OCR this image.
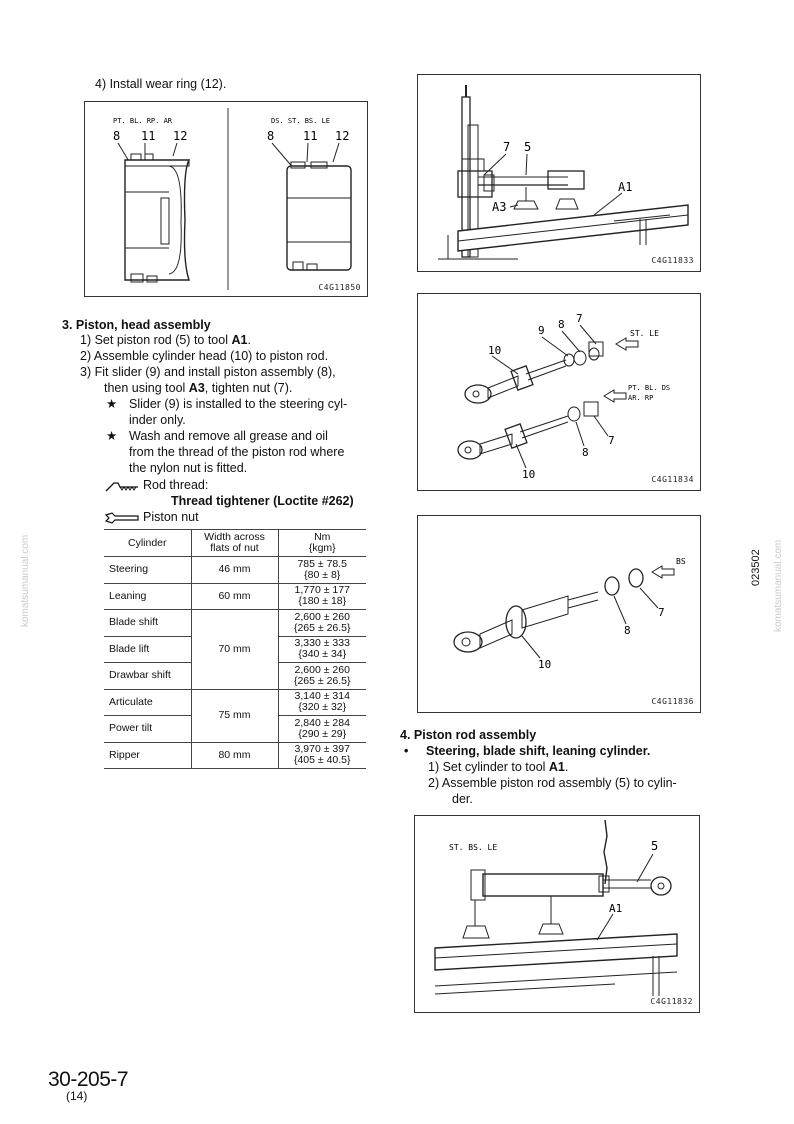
4) Install wear ring (12).
PT. BL. RP. AR
8 11 12
DS. ST. BS. LE
8 11 12
C4G11850
3. Piston, head assembly
1) Set piston rod (5) to tool A1.
2) Assemble cylinder head (10) to piston rod.
3) Fit slider (9) and install piston assembly (8),
then using tool A3, tighten nut (7).
★ Slider (9) is installed to the steering cyl-
inder only.
★ Wash and remove all grease and oil
from the thread of the piston rod where
the nylon nut is fitted.
Rod thread:
Thread tightener (Loctite #262)
Piston nut
Cylinder	Width across
flats of nut	Nm
{kgm}
Steering	46 mm	785 ± 78.5
{80 ± 8}
Leaning	60 mm	1,770 ± 177
{180 ± 18}
Blade shift	70 mm	2,600 ± 260
{265 ± 26.5}
Blade lift		3,330 ± 333
{340 ± 34}
Drawbar shift		2,600 ± 260
{265 ± 26.5}
Articulate	75 mm	3,140 ± 314
{320 ± 32}
Power tilt		2,840 ± 284
{290 ± 29}
Ripper	80 mm	3,970 ± 397
{405 ± 40.5}
7 5
A1
A3
C4G11833
10
9 8 7
ST. LE
PT. BL. DS
AR. RP
10
8
7
C4G11834
BS
8
7
10
C4G11836
4. Piston rod assembly
• Steering, blade shift, leaning cylinder.
1) Set cylinder to tool A1.
2) Assemble piston rod assembly (5) to cylin-
der.
ST. BS. LE	5
A1
C4G11832
023502 komatsumanual.com
komatsumanual.com
30-205-7
(14)
